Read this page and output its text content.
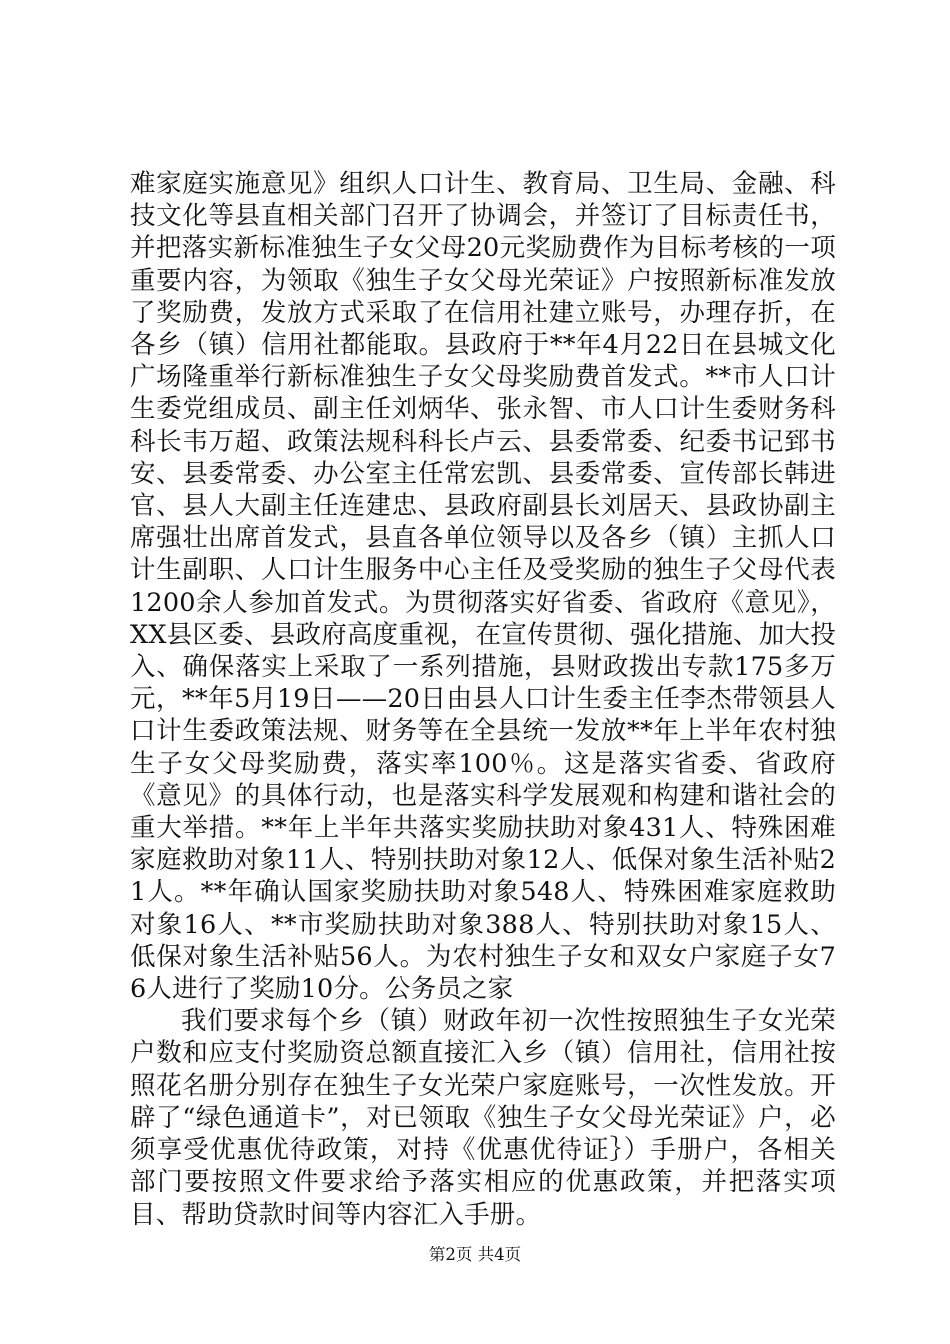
难家庭实施意见》组织人口计生、教育局、卫生局、金融、科技文化等县直相关部门召开了协调会，并签订了目标责任书，并把落实新标准独生子女父母20元奖励费作为目标考核的一项重要内容，为领取《独生子女父母光荣证》户按照新标准发放了奖励费，发放方式采取了在信用社建立账号，办理存折，在各乡（镇）信用社都能取。县政府于**年4月22日在县城文化广场隆重举行新标准独生子女父母奖励费首发式。**市人口计生委党组成员、副主任刘炳华、张永智、市人口计生委财务科科长韦万超、政策法规科科长卢云、县委常委、纪委书记郅书安、县委常委、办公室主任常宏凯、县委常委、宣传部长韩进官、县人大副主任连建忠、县政府副县长刘居天、县政协副主席强壮出席首发式，县直各单位领导以及各乡（镇）主抓人口计生副职、人口计生服务中心主任及受奖励的独生子父母代表1200余人参加首发式。为贯彻落实好省委、省政府《意见》，XX县区委、县政府高度重视，在宣传贯彻、强化措施、加大投入、确保落实上采取了一系列措施，县财政拨出专款175多万元，**年5月19日——20日由县人口计生委主任李杰带领县人口计生委政策法规、财务等在全县统一发放**年上半年农村独生子女父母奖励费，落实率100％。这是落实省委、省政府《意见》的具体行动，也是落实科学发展观和构建和谐社会的重大举措。**年上半年共落实奖励扶助对象431人、特殊困难家庭救助对象11人、特别扶助对象12人、低保对象生活补贴21人。**年确认国家奖励扶助对象548人、特殊困难家庭救助对象16人、**市奖励扶助对象388人、特别扶助对象15人、低保对象生活补贴56人。为农村独生子女和双女户家庭子女76人进行了奖励10分。公务员之家

我们要求每个乡（镇）财政年初一次性按照独生子女光荣户数和应支付奖励资总额直接汇入乡（镇）信用社，信用社按照花名册分别存在独生子女光荣户家庭账号，一次性发放。开辟了“绿色通道卡”，对已领取《独生子女父母光荣证》户，必须享受优惠优待政策，对持《优惠优待证｝）手册户，各相关部门要按照文件要求给予落实相应的优惠政策，并把落实项目、帮助贷款时间等内容汇入手册。

第2页 共4页
